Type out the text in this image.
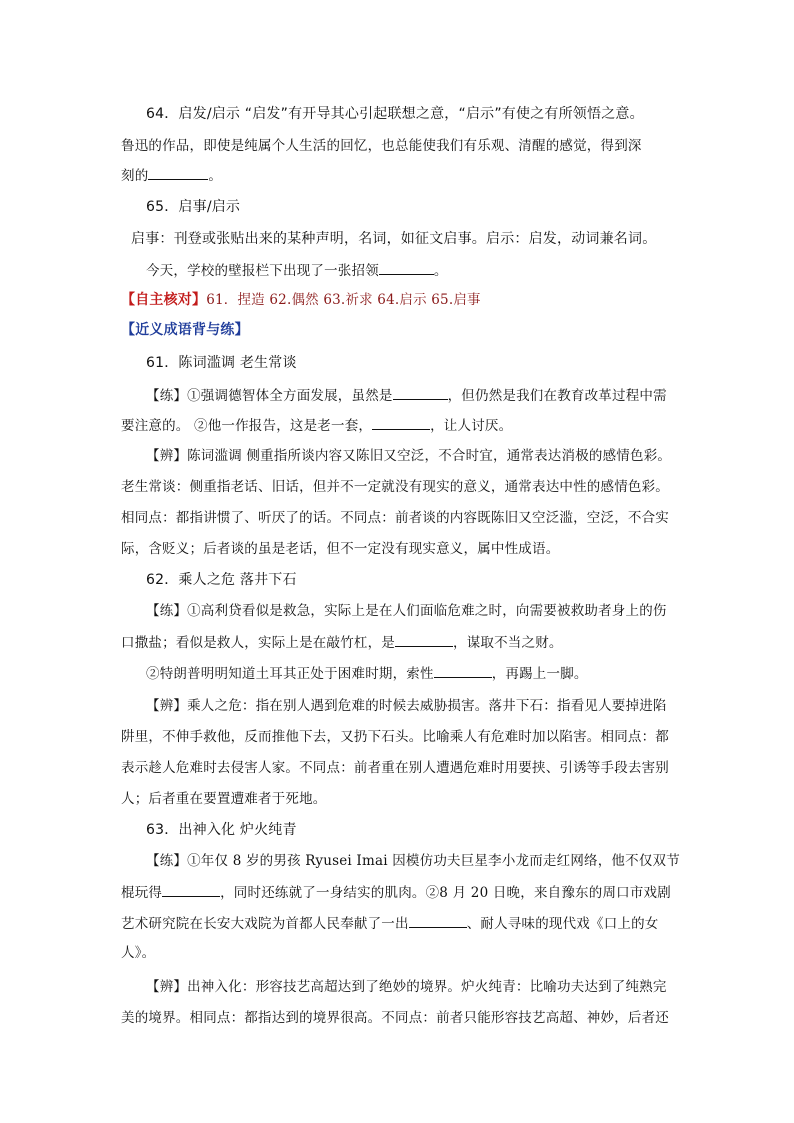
64．启发/启示 “启发”有开导其心引起联想之意，“启示”有使之有所领悟之意。
鲁迅的作品，即使是纯属个人生活的回忆，也总能使我们有乐观、清醒的感觉，得到深
刻的	。
65．启事/启示
启事：刊登或张贴出来的某种声明，名词，如征文启事。启示：启发，动词兼名词。
今天，学校的壁报栏下出现了一张招领	。
【自主核对】61．捏造 62.偶然 63.祈求 64.启示 65.启事
【近义成语背与练】
61．陈词滥调 老生常谈
【练】①强调德智体全方面发展，虽然是	，但仍然是我们在教育改革过程中需
要注意的。 ②他一作报告，这是老一套，	，让人讨厌。
【辨】陈词滥调 侧重指所谈内容又陈旧又空泛，不合时宜，通常表达消极的感情色彩。
老生常谈：侧重指老话、旧话，但并不一定就没有现实的意义，通常表达中性的感情色彩。
相同点：都指讲惯了、听厌了的话。不同点：前者谈的内容既陈旧又空泛滥，空泛，不合实
际，含贬义；后者谈的虽是老话，但不一定没有现实意义，属中性成语。
62．乘人之危 落井下石
【练】①高利贷看似是救急，实际上是在人们面临危难之时，向需要被救助者身上的伤
口撒盐；看似是救人，实际上是在敲竹杠，是	，谋取不当之财。
②特朗普明明知道土耳其正处于困难时期，索性	，再踢上一脚。
【辨】乘人之危：指在别人遇到危难的时候去威胁损害。落井下石：指看见人要掉进陷
阱里，不伸手救他，反而推他下去，又扔下石头。比喻乘人有危难时加以陷害。相同点：都
表示趁人危难时去侵害人家。不同点：前者重在别人遭遇危难时用要挟、引诱等手段去害别
人；后者重在要置遭难者于死地。
63．出神入化 炉火纯青
【练】①年仅 8 岁的男孩 Ryusei Imai 因模仿功夫巨星李小龙而走红网络，他不仅双节
棍玩得	，同时还练就了一身结实的肌肉。②8 月 20 日晚，来自豫东的周口市戏剧
艺术研究院在长安大戏院为首都人民奉献了一出	、耐人寻味的现代戏《口上的女
人》。
【辨】出神入化：形容技艺高超达到了绝妙的境界。炉火纯青：比喻功夫达到了纯熟完
美的境界。相同点：都指达到的境界很高。不同点：前者只能形容技艺高超、神妙，后者还
